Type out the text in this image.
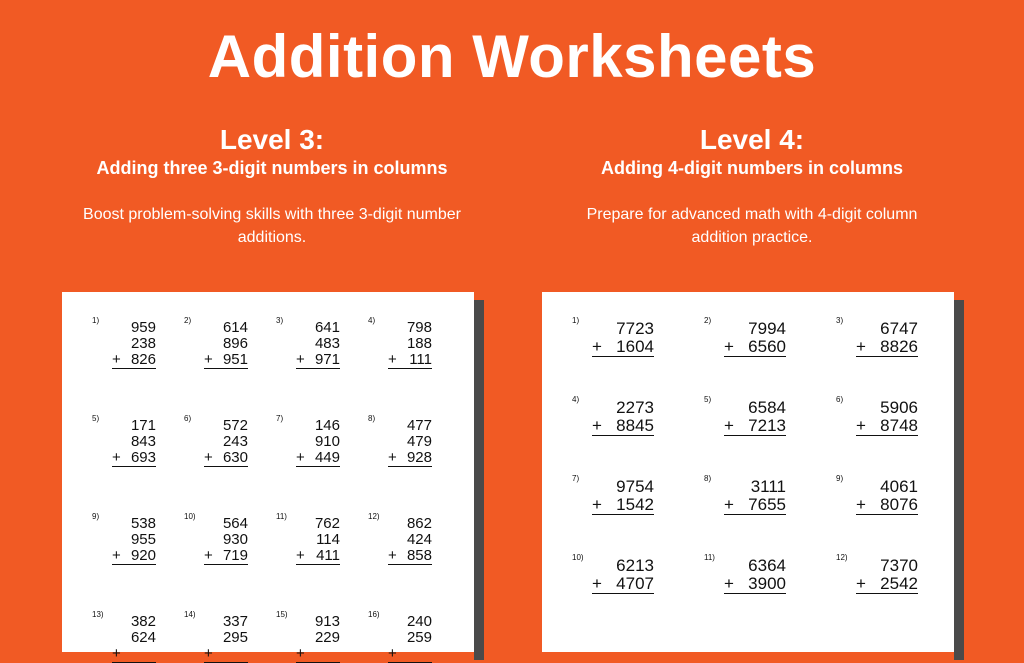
Addition Worksheets
Level 3:
Adding three 3-digit numbers in columns
Boost problem-solving skills with three 3-digit number additions.
Level 4:
Adding 4-digit numbers in columns
Prepare for advanced math with 4-digit column addition practice.
1)	959
238
+ 826
2)	614
896
+ 951
3)	641
483
+ 971
4)	798
188
+ 111
5)	171
843
+ 693
6)	572
243
+ 630
7)	146
910
+ 449
8)	477
479
+ 928
9)	538
955
+ 920
10)	564
930
+ 719
11)	762
114
+ 411
12)	862
424
+ 858
13)	382
624
+
14)	337
295
+
15)	913
229
+
16)	240
259
+
1)	7723
+ 1604
2)	7994
+ 6560
3)	6747
+ 8826
4)	2273
+ 8845
5)	6584
+ 7213
6)	5906
+ 8748
7)	9754
+ 1542
8)	3111
+ 7655
9)	4061
+ 8076
10)	6213
+ 4707
11)	6364
+ 3900
12)	7370
+ 2542
